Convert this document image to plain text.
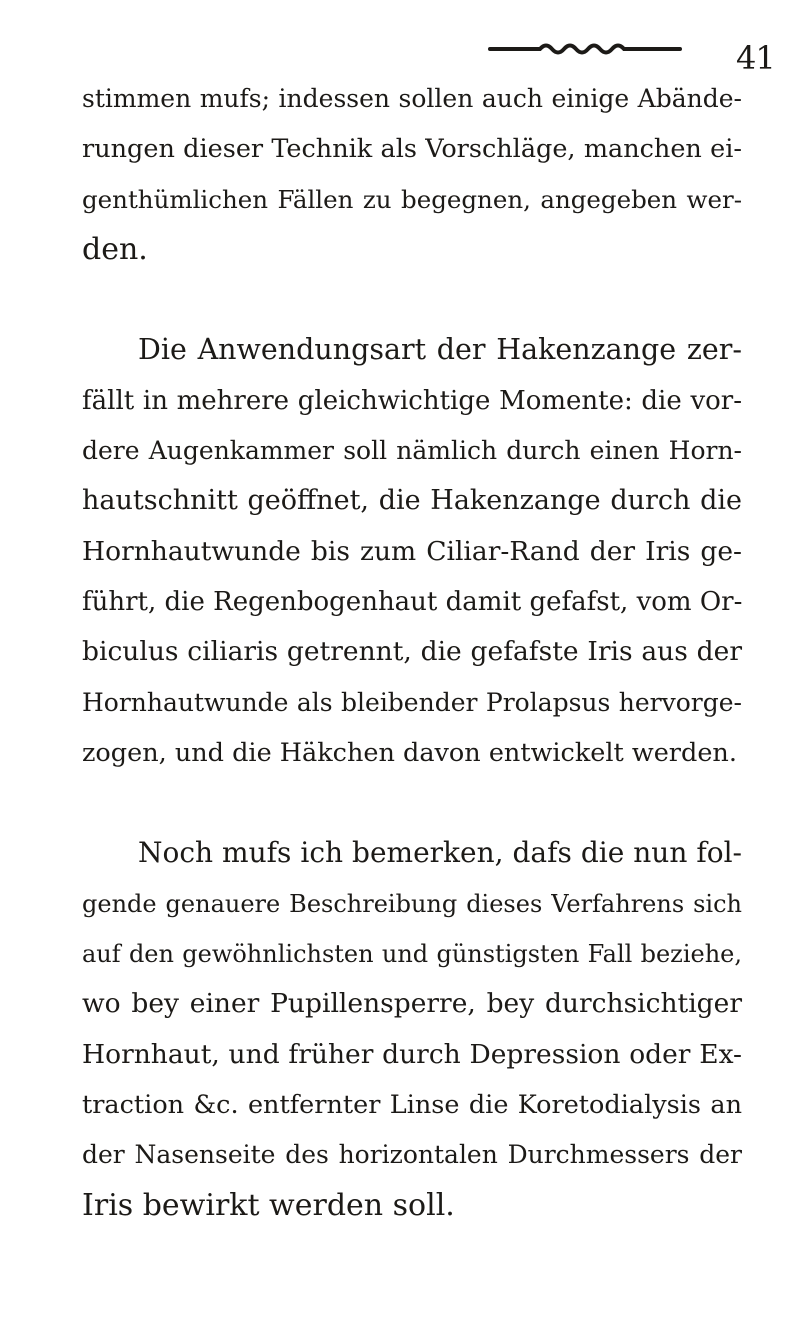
41
stimmen mufs; indessen sollen auch einige Abände-
rungen dieser Technik als Vorschläge, manchen ei-
genthümlichen Fällen zu begegnen, angegeben wer-
den.
Die Anwendungsart der Hakenzange zer-
fällt in mehrere gleichwichtige Momente: die vor-
dere Augenkammer soll nämlich durch einen Horn-
hautschnitt geöffnet, die Hakenzange durch die
Hornhautwunde bis zum Ciliar-Rand der Iris ge-
führt, die Regenbogenhaut damit gefafst, vom Or-
biculus ciliaris getrennt, die gefafste Iris aus der
Hornhautwunde als bleibender Prolapsus hervorge-
zogen, und die Häkchen davon entwickelt werden.
Noch mufs ich bemerken, dafs die nun fol-
gende genauere Beschreibung dieses Verfahrens sich
auf den gewöhnlichsten und günstigsten Fall beziehe,
wo bey einer Pupillensperre, bey durchsichtiger
Hornhaut, und früher durch Depression oder Ex-
traction &c. entfernter Linse die Koretodialysis an
der Nasenseite des horizontalen Durchmessers der
Iris bewirkt werden soll.
